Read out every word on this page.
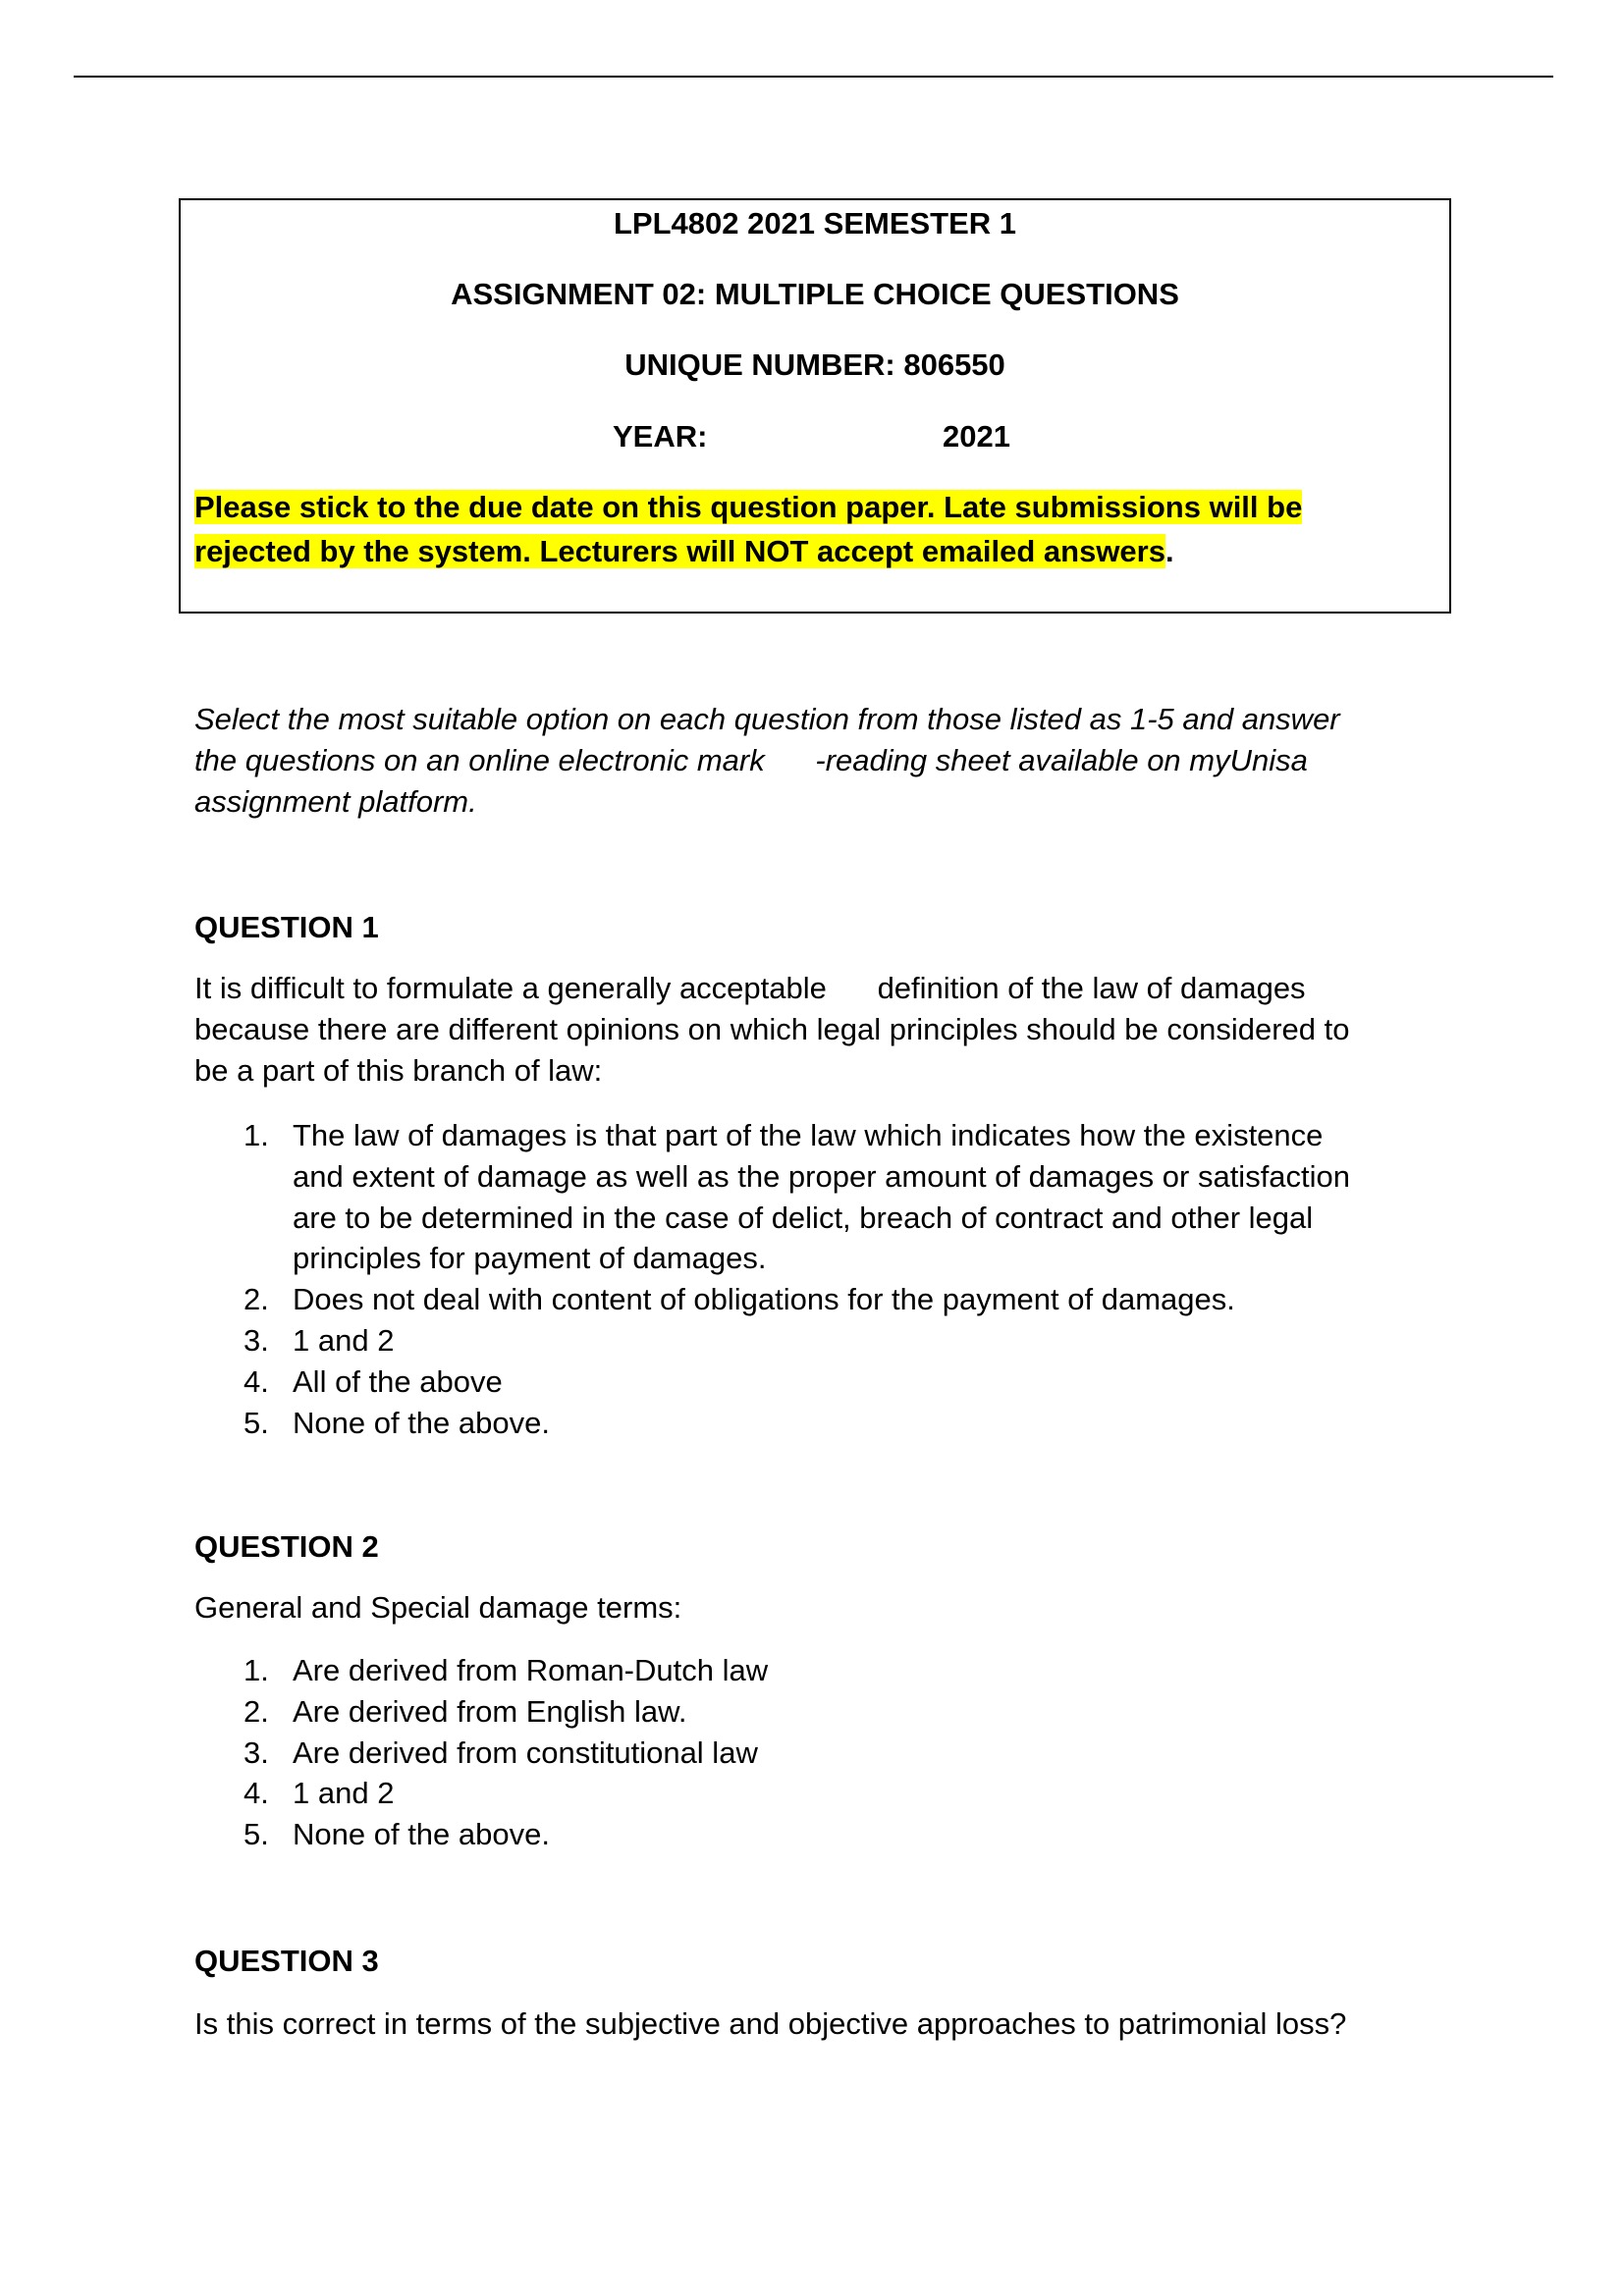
LPL4802 2021 SEMESTER 1
ASSIGNMENT 02: MULTIPLE CHOICE QUESTIONS
UNIQUE NUMBER: 806550
YEAR:	2021
Please stick to the due date on this question paper. Late submissions will be
rejected by the system. Lecturers will NOT accept emailed answers.
Select the most suitable option on each question from those listed as 1-5 and answer
the questions on an online electronic mark      -reading sheet available on myUnisa
assignment platform.
QUESTION 1
It is difficult to formulate a generally acceptable      definition of the law of damages
because there are different opinions on which legal principles should be considered to
be a part of this branch of law:
1. The law of damages is that part of the law which indicates how the existence
and extent of damage as well as the proper amount of damages or satisfaction
are to be determined in the case of delict, breach of contract and other legal
principles for payment of damages.
2. Does not deal with content of obligations for the payment of damages.
3. 1 and 2
4. All of the above
5. None of the above.
QUESTION 2
General and Special damage terms:
1. Are derived from Roman-Dutch law
2. Are derived from English law.
3. Are derived from constitutional law
4. 1 and 2
5. None of the above.
QUESTION 3
Is this correct in terms of the subjective and objective approaches to patrimonial loss?
